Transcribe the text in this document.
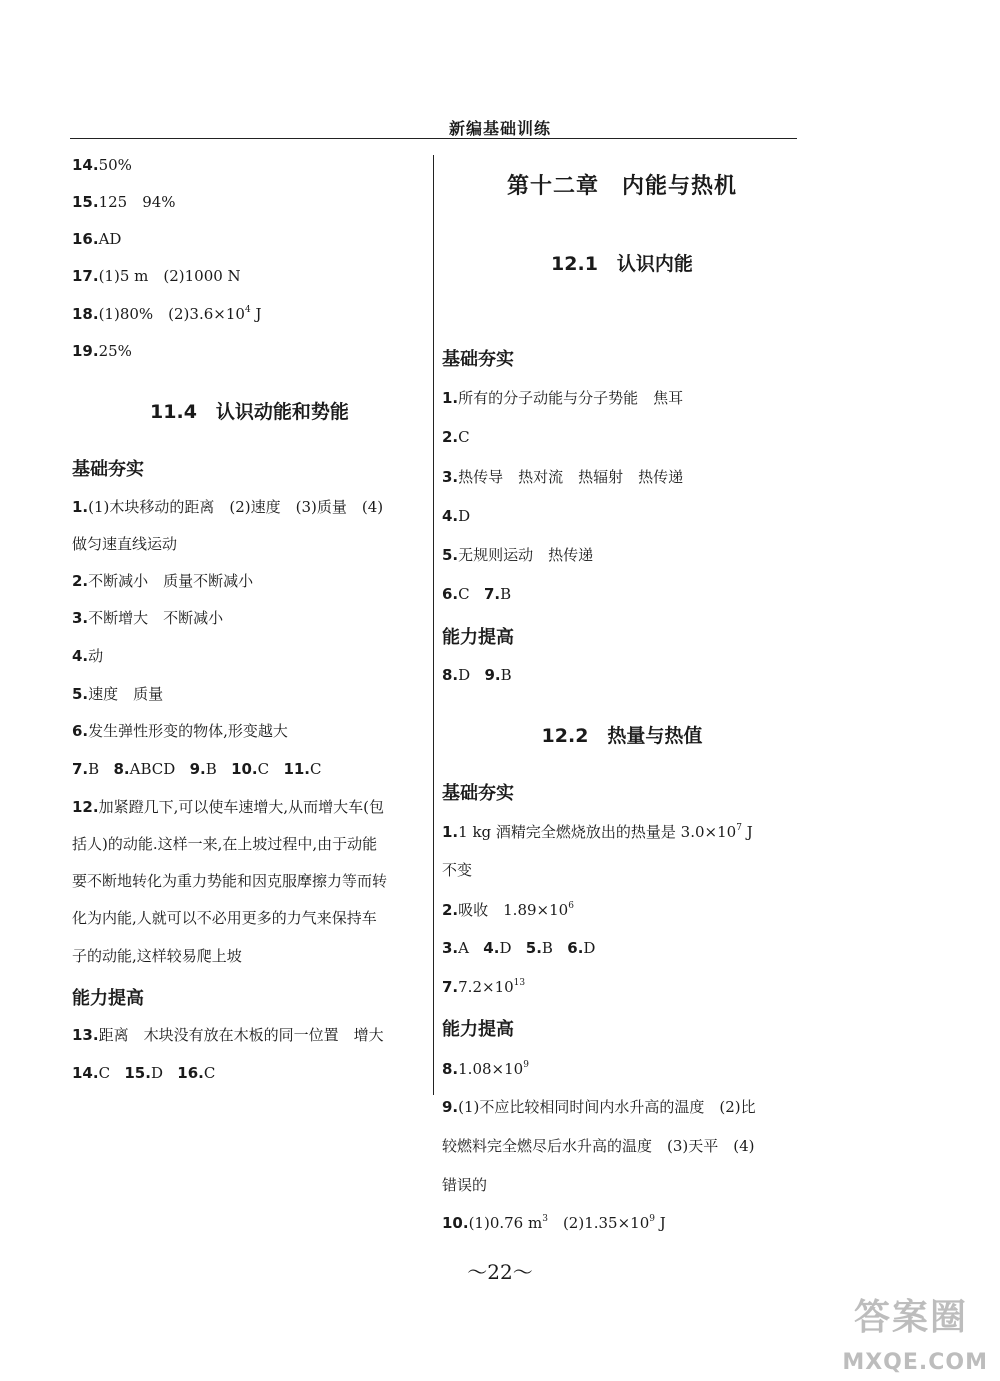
新编基础训练
14.50%
15.125　94%
16.AD
17.(1)5 m　(2)1000 N
18.(1)80%　$(2)3.6\times 10^4$ J
19.25%
11.4　认识动能和势能
基础夯实
1.(1)木块移动的距离　(2)速度　(3)质量　(4)
做匀速直线运动
2.不断减小　质量不断减小
3.不断增大　不断减小
4.动
5.速度　质量
6.发生弹性形变的物体,形变越大
7.B 8.ABCD 9.B 10.C 11.C
12.加紧蹬几下,可以使车速增大,从而增大车(包
括人)的动能.这样一来,在上坡过程中,由于动能
要不断地转化为重力势能和因克服摩擦力等而转
化为内能,人就可以不必用更多的力气来保持车
子的动能,这样较易爬上坡
能力提高
13.距离　木块没有放在木板的同一位置　增大
14.C 15.D 16.C
第十二章　内能与热机
12.1　认识内能
基础夯实
1.所有的分子动能与分子势能　焦耳
2.C
3.热传导　热对流　热辐射　热传递
4.D
5.无规则运动　热传递
6.C 7.B
能力提高
8.D 9.B
12.2　热量与热值
基础夯实
1.1 kg 酒精完全燃烧放出的热量是 $3.0\times 10^7$ J
不变
2.吸收　$1.89\times 10^6$
3.A 4.D 5.B 6.D
$7.7.2\times 10^{13}$
能力提高
$8.1.08\times 10^9$
9.(1)不应比较相同时间内水升高的温度　(2)比
较燃料完全燃尽后水升高的温度　(3)天平　(4)
错误的
10.(1)0.76 $m^3$　$(2)1.35\times 10^9$ J
～22～
答案圈
MXQE.COM
